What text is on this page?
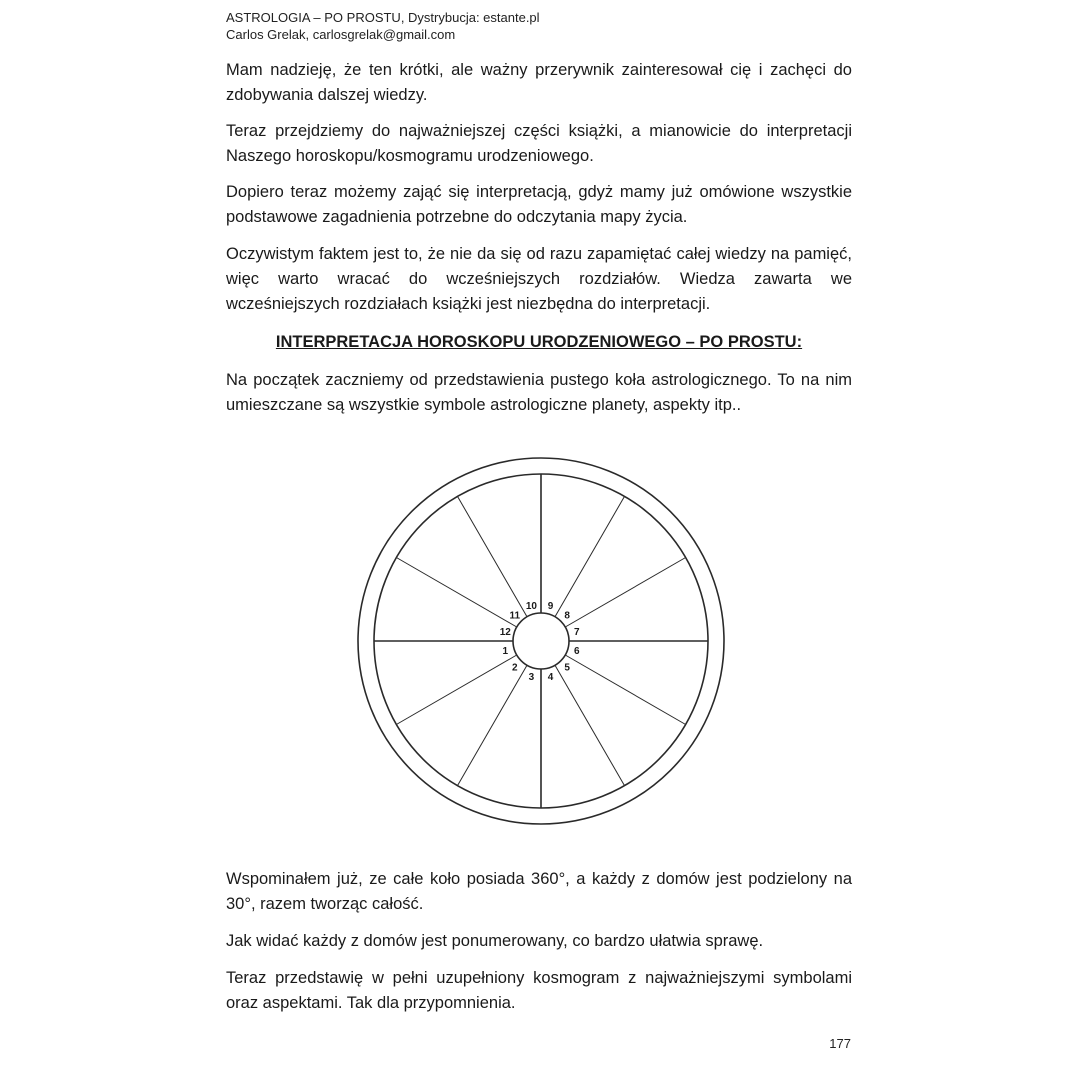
ASTROLOGIA – PO PROSTU, Dystrybucja: estante.pl
Carlos Grelak, carlosgrelak@gmail.com
Mam nadzieję, że ten krótki, ale ważny przerywnik zainteresował cię i zachęci do zdobywania dalszej wiedzy.
Teraz przejdziemy do najważniejszej części książki, a mianowicie do interpretacji Naszego horoskopu/kosmogramu urodzeniowego.
Dopiero teraz możemy zająć się interpretacją, gdyż mamy już omówione wszystkie podstawowe zagadnienia potrzebne do odczytania mapy życia.
Oczywistym faktem jest to, że nie da się od razu zapamiętać całej wiedzy na pamięć, więc warto wracać do wcześniejszych rozdziałów. Wiedza zawarta we wcześniejszych rozdziałach książki jest niezbędna do interpretacji.
INTERPRETACJA HOROSKOPU URODZENIOWEGO – PO PROSTU:
Na początek zaczniemy od przedstawienia pustego koła astrologicznego. To na nim umieszczane są wszystkie symbole astrologiczne planety, aspekty itp..
1
2
3 4
5
6
7
8
9
10
11
12
Wspominałem już, ze całe koło posiada 360°, a każdy z domów jest podzielony na 30°, razem tworząc całość.
Jak widać każdy z domów jest ponumerowany, co bardzo ułatwia sprawę.
Teraz przedstawię w pełni uzupełniony kosmogram z najważniejszymi symbolami oraz aspektami. Tak dla przypomnienia.
177
